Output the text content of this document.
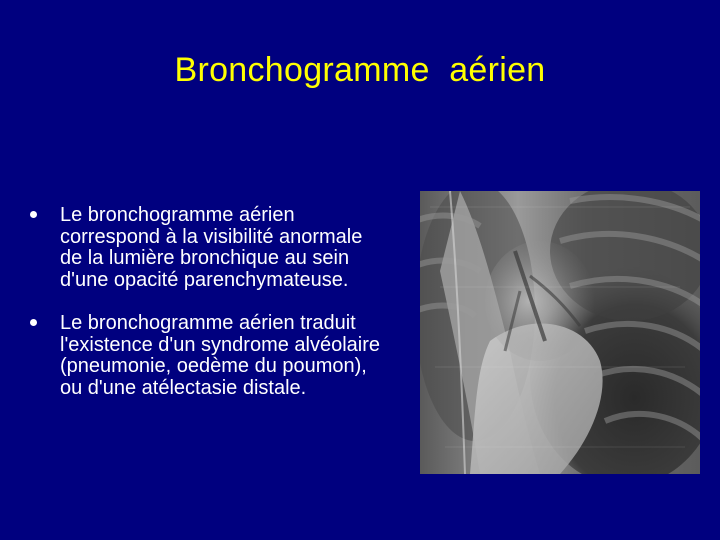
Bronchogramme  aérien
Le bronchogramme aérien correspond à la visibilité anormale de la lumière bronchique au sein d'une opacité parenchymateuse.
Le bronchogramme aérien traduit l'existence d'un syndrome alvéolaire (pneumonie, oedème du poumon), ou d'une atélectasie distale.
